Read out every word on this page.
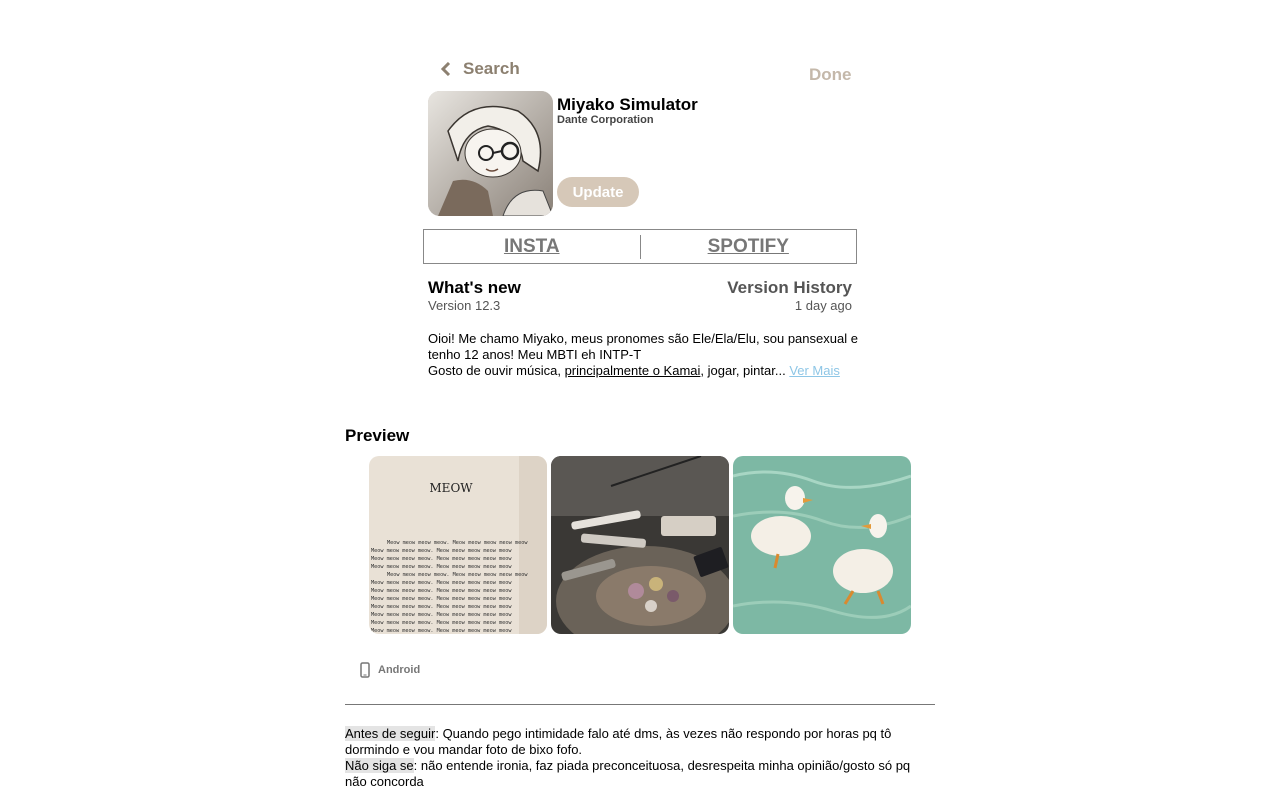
Search	Done
Miyako Simulator
Dante Corporation
Update
INSTA	SPOTIFY
What's new
Version 12.3
Version History
1 day ago
Oioi! Me chamo Miyako, meus pronomes são Ele/Ela/Elu, sou pansexual e tenho 12 anos! Meu MBTI eh INTP-T
Gosto de ouvir música, principalmente o Kamai, jogar, pintar... Ver Mais
Preview
MEOW
Meow meow meow meow. Meow meow meow meow meow
Meow meow meow meow. Meow meow meow meow meow
Meow meow meow meow. Meow meow meow meow meow
Meow meow meow meow. Meow meow meow meow meow
Meow meow meow meow. Meow meow meow meow meow
Meow meow meow meow. Meow meow meow meow meow
Meow meow meow meow. Meow meow meow meow meow
Meow meow meow meow. Meow meow meow meow meow
Meow meow meow meow. Meow meow meow meow meow
Meow meow meow meow. Meow meow meow meow meow
Meow meow meow meow. Meow meow meow meow meow
Meow meow meow meow. Meow meow meow meow meow
Android
Antes de seguir: Quando pego intimidade falo até dms, às vezes não respondo por horas pq tô dormindo e vou mandar foto de bixo fofo.
Não siga se: não entende ironia, faz piada preconceituosa, desrespeita minha opinião/gosto só pq não concorda
